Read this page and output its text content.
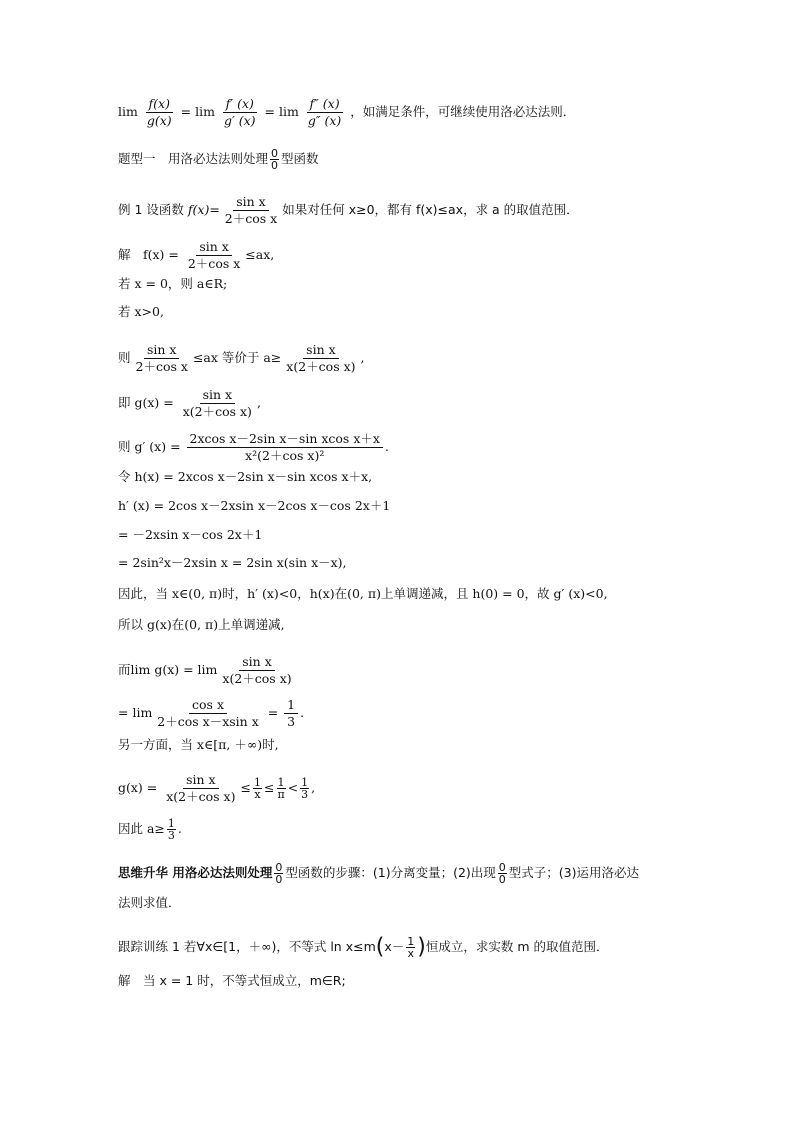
$\lim \frac{f(x)}{g(x)} = \lim \frac{f' (x)}{g' (x)} = \lim \frac{f'' (x)}{g'' (x)}$ ，如满足条件，可继续使用洛必达法则．
题型一　用洛必达法则处理 $\frac{0}{0}$ 型函数
例 1 设函数 $f(x)= \frac{\text{sin x}}{\text{2＋cos x}}$ 如果对任何 x≥0，都有 f(x)≤ax，求 a 的取值范围．
解　$f(x) = \frac{\text{sin x}}{\text{2＋cos x}} \le ax$,
若 x = 0，则 a∈R;
若 x>0,
则 $\frac{\text{sin x}}{\text{2＋cos x}} \le ax$ 等价于 $a\ge \frac{\text{sin x}}{\text{x(2＋cos x)}}$ ,
即 $g(x) = \frac{\text{sin x}}{\text{x(2＋cos x)}}$ ,
则 g′ $(x) = \frac{\text{2xcos x－2sin x－sin xcos x＋x}}{\text{x²(2＋cos x)²}}$ .
令 h(x) = 2xcos x－2sin x－sin xcos x＋x,
h′ (x) = 2cos x－2xsin x－2cos x－cos 2x＋1
= －2xsin x－cos 2x＋1
= 2sin²x－2xsin x = 2sin x(sin x－x),
因此，当 x∈(0, π)时，h′ (x)<0，h(x)在(0, π)上单调递减，且 h(0) = 0，故 g′ (x)<0,
所以 g(x)在(0, π)上单调递减,
而$\lim g(x) = \lim \frac{\text{sin x}}{\text{x(2＋cos x)}}$
= $\lim \frac{\text{cos x}}{\text{2＋cos x－xsin x}} = \frac{1}{3}$ .
另一方面，当 x∈[π, ＋∞)时,
$g(x) = \frac{\text{sin x}}{\text{x(2＋cos x)}} \le \frac{1}{x} \le \frac{1}{\pi} < \frac{1}{3}$ ,
因此 $a\ge \frac{1}{3}$ .
思维升华 用洛必达法则处理 $\frac{0}{0}$ 型函数的步骤：(1)分离变量；(2)出现 $\frac{0}{0}$ 型式子；(3)运用洛必达
法则求值．
跟踪训练 1 若∀x∈[1，＋∞)，不等式 $\ln x\le m(x- \frac{1}{x}$ )恒成立，求实数 m 的取值范围．
解　当 x = 1 时，不等式恒成立，m∈R;
